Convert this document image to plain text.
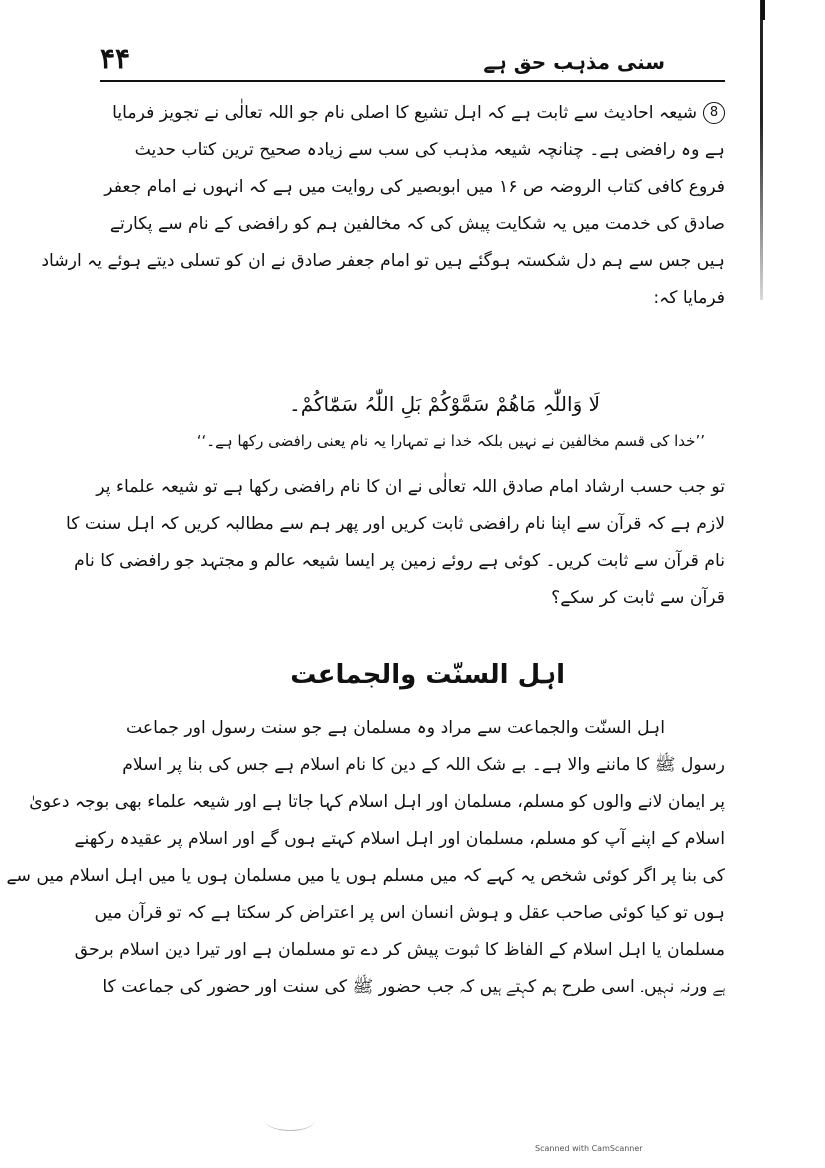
۴۴	سنی مذہب حق ہے
8شیعہ احادیث سے ثابت ہے کہ اہل تشیع کا اصلی نام جو اللہ تعالٰی نے تجویز فرمایا
ہے وہ رافضی ہے۔ چنانچہ شیعہ مذہب کی سب سے زیادہ صحیح ترین کتاب حدیث
فروع کافی کتاب الروضہ ص ۱۶ میں ابوبصیر کی روایت میں ہے کہ انہوں نے امام جعفر
صادق کی خدمت میں یہ شکایت پیش کی کہ مخالفین ہم کو رافضی کے نام سے پکارتے
ہیں جس سے ہم دل شکستہ ہوگئے ہیں تو امام جعفر صادق نے ان کو تسلی دیتے ہوئے یہ ارشاد
فرمایا کہ:
لَا وَاللّٰہِ مَاھُمْ سَمَّوْکُمْ بَلِ اللّٰہُ سَمّٰاکُمْ۔
’’خدا کی قسم مخالفین نے نہیں بلکہ خدا نے تمہارا یہ نام یعنی رافضی رکھا ہے۔‘‘
تو جب حسب ارشاد امام صادق اللہ تعالٰی نے ان کا نام رافضی رکھا ہے تو شیعہ علماء پر
لازم ہے کہ قرآن سے اپنا نام رافضی ثابت کریں اور پھر ہم سے مطالبہ کریں کہ اہل سنت کا
نام قرآن سے ثابت کریں۔ کوئی ہے روئے زمین پر ایسا شیعہ عالم و مجتہد جو رافضی کا نام
قرآن سے ثابت کر سکے؟
اہل السنّت والجماعت
اہل السنّت والجماعت سے مراد وہ مسلمان ہے جو سنت رسول اور جماعت
رسول ﷺ کا ماننے والا ہے۔ بے شک اللہ کے دین کا نام اسلام ہے جس کی بنا پر اسلام
پر ایمان لانے والوں کو مسلم، مسلمان اور اہل اسلام کہا جاتا ہے اور شیعہ علماء بھی بوجہ دعویٰ
اسلام کے اپنے آپ کو مسلم، مسلمان اور اہل اسلام کہتے ہوں گے اور اسلام پر عقیدہ رکھنے
کی بنا پر اگر کوئی شخص یہ کہے کہ میں مسلم ہوں یا میں مسلمان ہوں یا میں اہل اسلام میں سے
ہوں تو کیا کوئی صاحب عقل و ہوش انسان اس پر اعتراض کر سکتا ہے کہ تو قرآن میں
مسلمان یا اہل اسلام کے الفاظ کا ثبوت پیش کر دے تو مسلمان ہے اور تیرا دین اسلام برحق
ہے ورنہ نہیں۔ اسی طرح ہم کہتے ہیں کہ جب حضور ﷺ کی سنت اور حضور کی جماعت کا
Scanned with CamScanner
